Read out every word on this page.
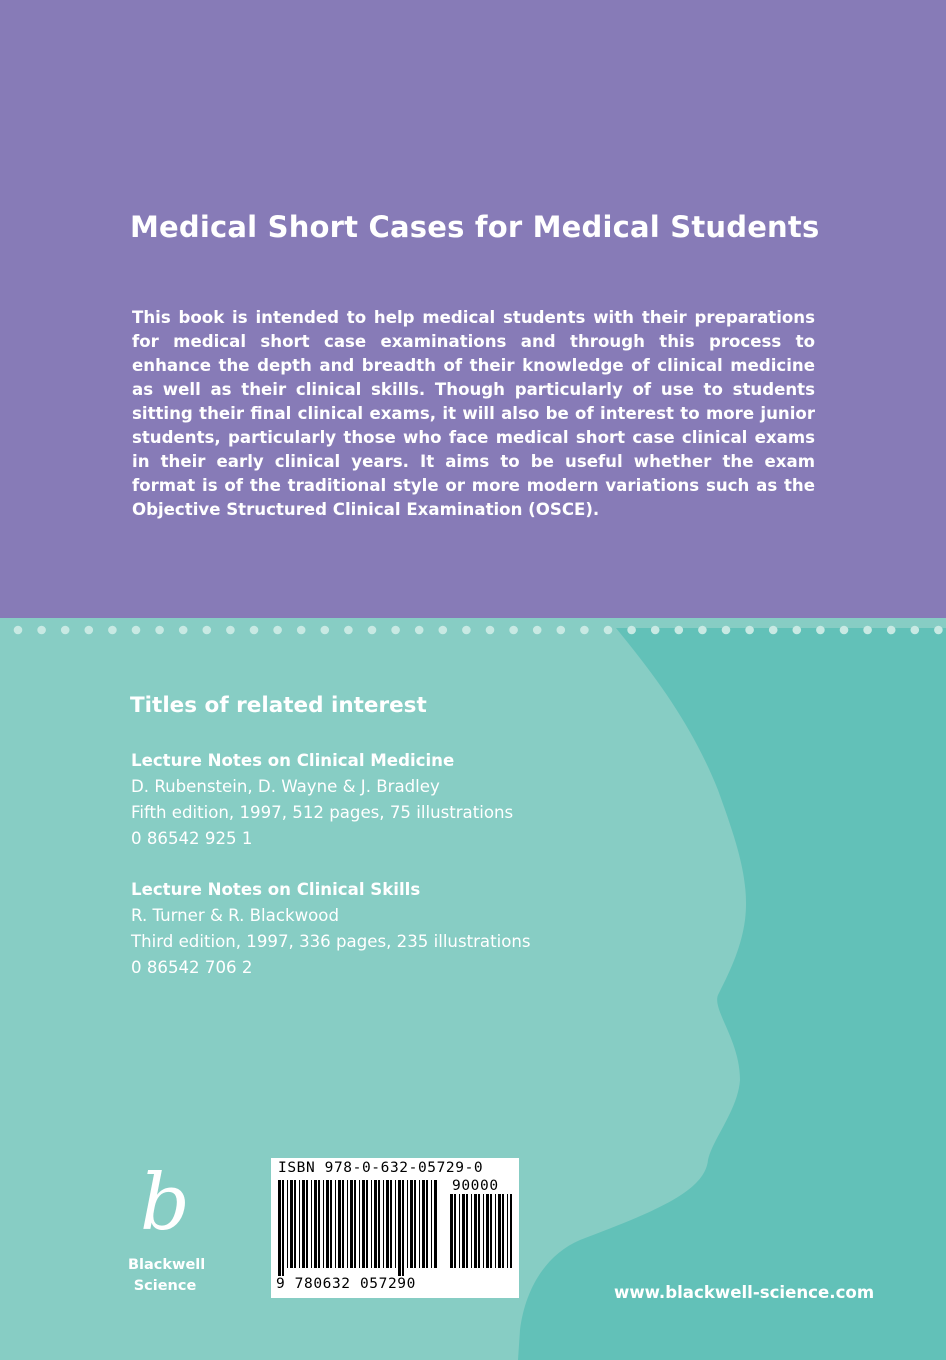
Medical Short Cases for Medical Students
This book is intended to help medical students with their preparations for medical short case examinations and through this process to enhance the depth and breadth of their knowledge of clinical medicine as well as their clinical skills. Though particularly of use to students sitting their final clinical exams, it will also be of interest to more junior students, particularly those who face medical short case clinical exams in their early clinical years. It aims to be useful whether the exam format is of the traditional style or more modern variations such as the Objective Structured Clinical Examination (OSCE).
Titles of related interest
Lecture Notes on Clinical Medicine
D. Rubenstein, D. Wayne & J. Bradley
Fifth edition, 1997, 512 pages, 75 illustrations
0 86542 925 1
Lecture Notes on Clinical Skills
R. Turner & R. Blackwood
Third edition, 1997, 336 pages, 235 illustrations
0 86542 706 2
b
Blackwell
Science
ISBN 978-0-632-05729-0
90000
9 780632 057290	www.blackwell-science.com
